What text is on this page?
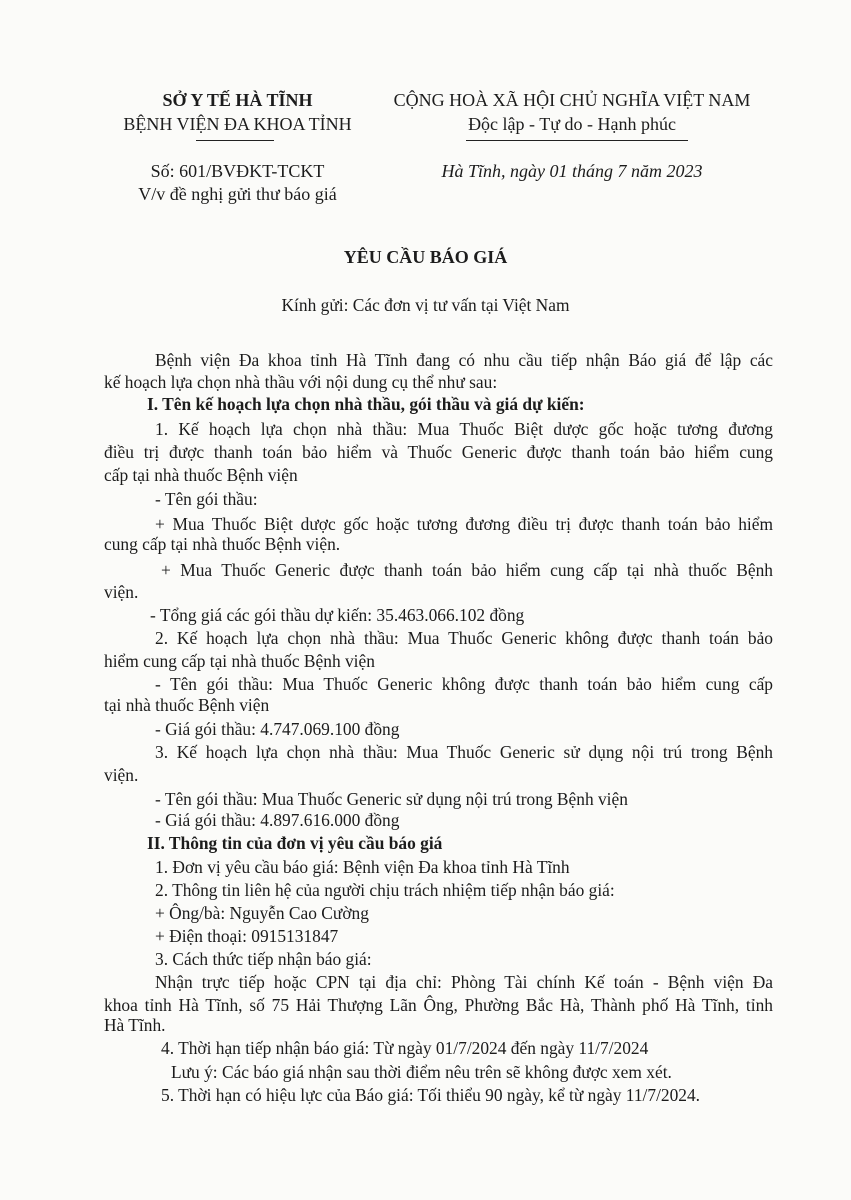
SỞ Y TẾ HÀ TĨNH
BỆNH VIỆN ĐA KHOA TỈNH
Số: 601/BVĐKT-TCKT
V/v đề nghị gửi thư báo giá
CỘNG HOÀ XÃ HỘI CHỦ NGHĨA VIỆT NAM
Độc lập - Tự do - Hạnh phúc
Hà Tĩnh, ngày 01 tháng 7 năm 2023
YÊU CẦU BÁO GIÁ
Kính gửi: Các đơn vị tư vấn tại Việt Nam
Bệnh viện Đa khoa tỉnh Hà Tĩnh đang có nhu cầu tiếp nhận Báo giá để lập các
kế hoạch lựa chọn nhà thầu với nội dung cụ thể như sau:
I. Tên kế hoạch lựa chọn nhà thầu, gói thầu và giá dự kiến:
1. Kế hoạch lựa chọn nhà thầu: Mua Thuốc Biệt dược gốc hoặc tương đương
điều trị được thanh toán bảo hiểm và Thuốc Generic được thanh toán bảo hiểm cung
cấp tại nhà thuốc Bệnh viện
- Tên gói thầu:
+ Mua Thuốc Biệt dược gốc hoặc tương đương điều trị được thanh toán bảo hiểm
cung cấp tại nhà thuốc Bệnh viện.
+ Mua Thuốc Generic được thanh toán bảo hiểm cung cấp tại nhà thuốc Bệnh
viện.
- Tổng giá các gói thầu dự kiến: 35.463.066.102 đồng
2. Kế hoạch lựa chọn nhà thầu: Mua Thuốc Generic không được thanh toán bảo
hiểm cung cấp tại nhà thuốc Bệnh viện
- Tên gói thầu: Mua Thuốc Generic không được thanh toán bảo hiểm cung cấp
tại nhà thuốc Bệnh viện
- Giá gói thầu: 4.747.069.100 đồng
3. Kế hoạch lựa chọn nhà thầu: Mua Thuốc Generic sử dụng nội trú trong Bệnh
viện.
- Tên gói thầu: Mua Thuốc Generic sử dụng nội trú trong Bệnh viện
- Giá gói thầu: 4.897.616.000 đồng
II. Thông tin của đơn vị yêu cầu báo giá
1. Đơn vị yêu cầu báo giá: Bệnh viện Đa khoa tỉnh Hà Tĩnh
2. Thông tin liên hệ của người chịu trách nhiệm tiếp nhận báo giá:
+ Ông/bà: Nguyễn Cao Cường
+ Điện thoại: 0915131847
3. Cách thức tiếp nhận báo giá:
Nhận trực tiếp hoặc CPN tại địa chỉ: Phòng Tài chính Kế toán - Bệnh viện Đa
khoa tỉnh Hà Tĩnh, số 75 Hải Thượng Lãn Ông, Phường Bắc Hà, Thành phố Hà Tĩnh, tỉnh
Hà Tĩnh.
4. Thời hạn tiếp nhận báo giá: Từ ngày 01/7/2024 đến ngày 11/7/2024
Lưu ý: Các báo giá nhận sau thời điểm nêu trên sẽ không được xem xét.
5. Thời hạn có hiệu lực của Báo giá: Tối thiểu 90 ngày, kể từ ngày 11/7/2024.
